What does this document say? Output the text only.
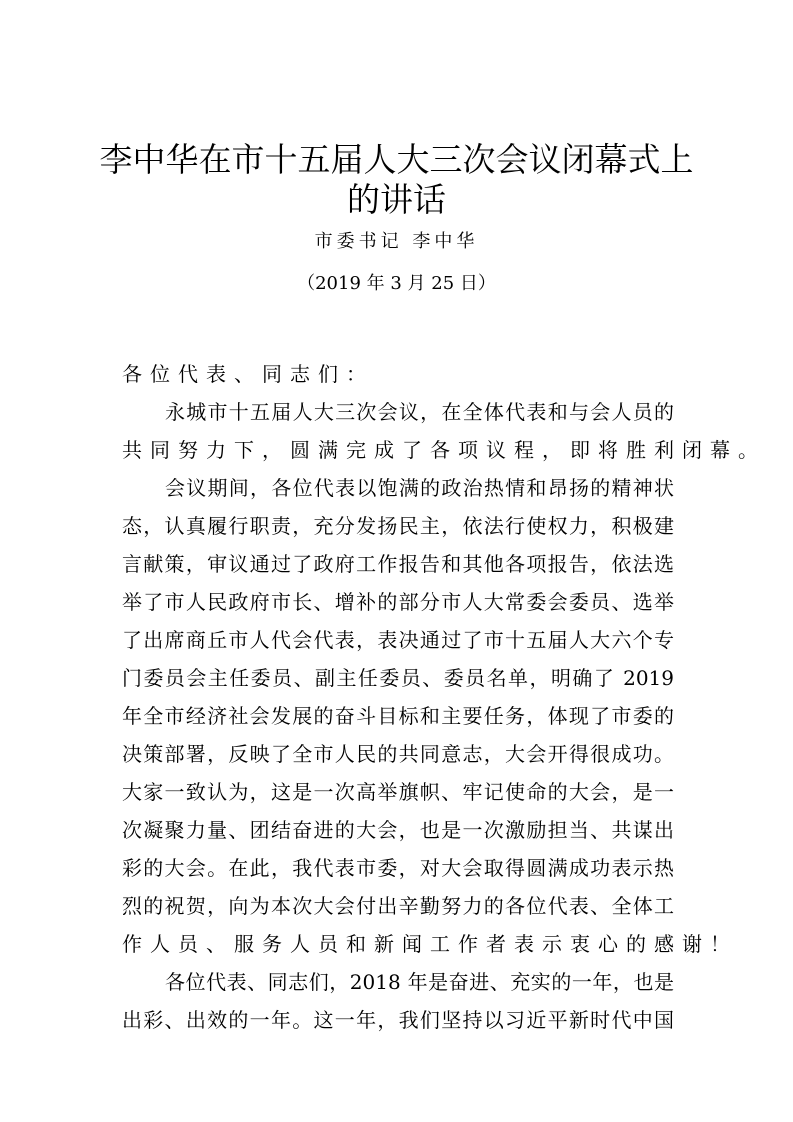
李中华在市十五届人大三次会议闭幕式上
的讲话
市委书记 李中华
（2019 年 3 月 25 日）
各位代表、同志们：
永城市十五届人大三次会议，在全体代表和与会人员的
共同努力下，圆满完成了各项议程，即将胜利闭幕。
会议期间，各位代表以饱满的政治热情和昂扬的精神状
态，认真履行职责，充分发扬民主，依法行使权力，积极建
言献策，审议通过了政府工作报告和其他各项报告，依法选
举了市人民政府市长、增补的部分市人大常委会委员、选举
了出席商丘市人代会代表，表决通过了市十五届人大六个专
门委员会主任委员、副主任委员、委员名单，明确了 2019
年全市经济社会发展的奋斗目标和主要任务，体现了市委的
决策部署，反映了全市人民的共同意志，大会开得很成功。
大家一致认为，这是一次高举旗帜、牢记使命的大会，是一
次凝聚力量、团结奋进的大会，也是一次激励担当、共谋出
彩的大会。在此，我代表市委，对大会取得圆满成功表示热
烈的祝贺，向为本次大会付出辛勤努力的各位代表、全体工
作人员、服务人员和新闻工作者表示衷心的感谢！
各位代表、同志们，2018 年是奋进、充实的一年，也是
出彩、出效的一年。这一年，我们坚持以习近平新时代中国
